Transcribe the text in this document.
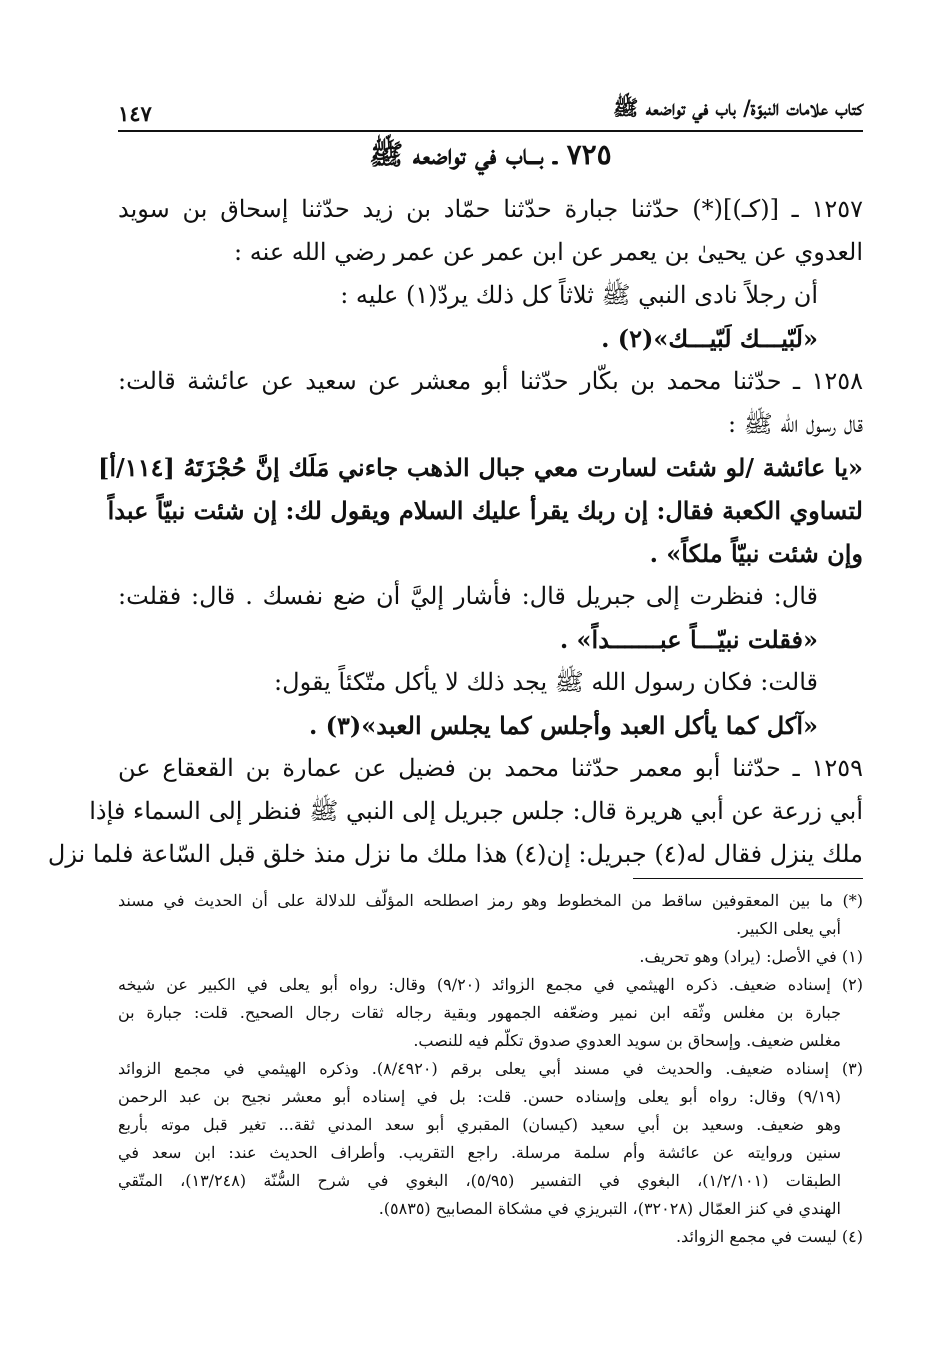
كتاب علامات النبوّة/ باب في تواضعه ﷺ
١٤٧
٧٢٥ ـ بـــاب في تواضعه ﷺ
١٢٥٧ ـ [(كـ)](*) حدّثنا جبارة حدّثنا حمّاد بن زيد حدّثنا إسحاق بن سويد
العدوي عن يحيىٰ بن يعمر عن ابن عمر عن عمر رضي الله عنه :
أن رجلاً نادى النبي ﷺ ثلاثاً كل ذلك يردّ(١) عليه :
«لَبّيـــك لَبّيـــك»(٢) .
١٢٥٨ ـ حدّثنا محمد بن بكّار حدّثنا أبو معشر عن سعيد عن عائشة قالت:
قال رسول الله ﷺ :
«يا عائشة /لو شئت لسارت معي جبال الذهب جاءني مَلَك إنَّ حُجْزَتَهُ [١١٤/أ]
لتساوي الكعبة فقال: إن ربك يقرأ عليك السلام ويقول لك: إن شئت نبيّاً عبداً
وإن شئت نبيّاً ملكاً» .
قال: فنظرت إلى جبريل قال: فأشار إليَّ أن ضع نفسك . قال: فقلت:
«فقلت نبيّـــاً عبـــــــداً» .
قالت: فكان رسول الله ﷺ يجد ذلك لا يأكل متّكئاً يقول:
«آكل كما يأكل العبد وأجلس كما يجلس العبد»(٣) .
١٢٥٩ ـ حدّثنا أبو معمر حدّثنا محمد بن فضيل عن عمارة بن القعقاع عن
أبي زرعة عن أبي هريرة قال: جلس جبريل إلى النبي ﷺ فنظر إلى السماء فإذا
ملك ينزل فقال له(٤) جبريل: إن(٤) هذا ملك ما نزل منذ خلق قبل السّاعة فلما نزل
(*) ما بين المعقوفين ساقط من المخطوط وهو رمز اصطلحه المؤلّف للدلالة على أن الحديث في مسند
أبي يعلى الكبير.
(١) في الأصل: (يراد) وهو تحريف.
(٢) إسناده ضعيف. ذكره الهيثمي في مجمع الزوائد (٩/٢٠) وقال: رواه أبو يعلى في الكبير عن شيخه
جبارة بن مغلس وثّقه ابن نمير وضعّفه الجمهور وبقية رجاله ثقات رجال الصحيح. قلت: جبارة بن
مغلس ضعيف. وإسحاق بن سويد العدوي صدوق تكلّم فيه للنصب.
(٣) إسناده ضعيف. والحديث في مسند أبي يعلى برقم (٨/٤٩٢٠). وذكره الهيثمي في مجمع الزوائد
(٩/١٩) وقال: رواه أبو يعلى وإسناده حسن. قلت: بل في إسناده أبو معشر نجيح بن عبد الرحمن
وهو ضعيف. وسعيد بن أبي سعيد (كيسان) المقبري أبو سعد المدني ثقة... تغير قبل موته بأربع
سنين وروايته عن عائشة وأم سلمة مرسلة. راجع التقريب. وأطراف الحديث عند: ابن سعد في
الطبقات (١/٢/١٠١)، البغوي في التفسير (٥/٩٥)، البغوي في شرح السُّنّة (١٣/٢٤٨)، المتّقي
الهندي في كنز العمّال (٣٢٠٢٨)، التبريزي في مشكاة المصابيح (٥٨٣٥).
(٤) ليست في مجمع الزوائد.
